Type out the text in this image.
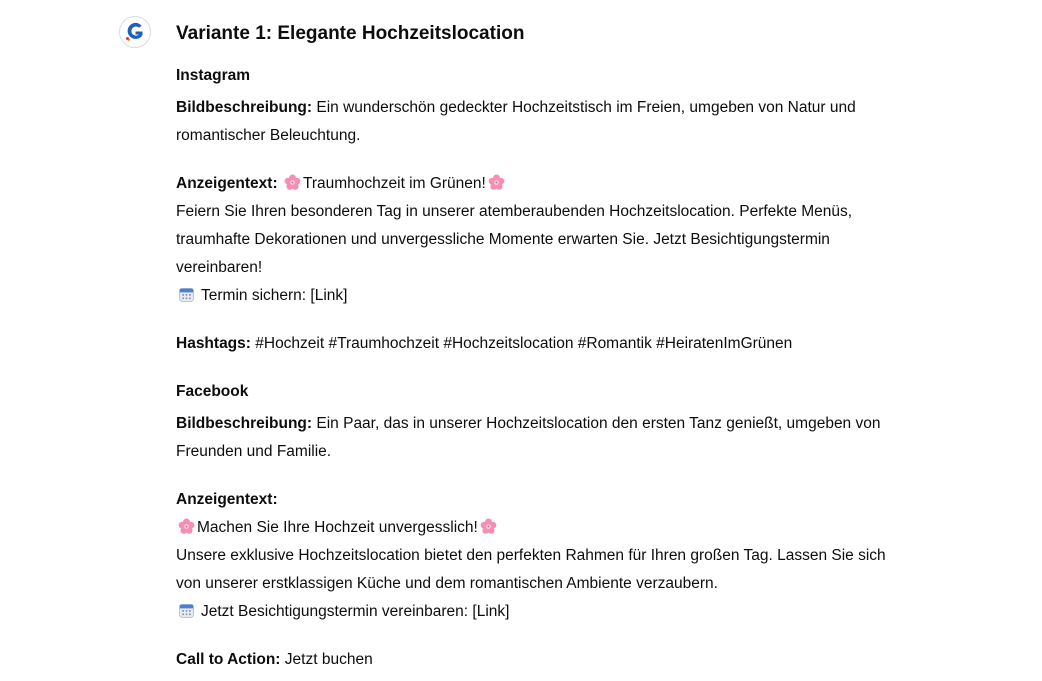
Variante 1: Elegante Hochzeitslocation
Instagram

Bildbeschreibung: Ein wunderschön gedeckter Hochzeitstisch im Freien, umgeben von Natur und romantischer Beleuchtung.

Anzeigentext: Traumhochzeit im Grünen!
Feiern Sie Ihren besonderen Tag in unserer atemberaubenden Hochzeitslocation. Perfekte Menüs, traumhafte Dekorationen und unvergessliche Momente erwarten Sie. Jetzt Besichtigungstermin vereinbaren!
Termin sichern: [Link]

Hashtags: #Hochzeit #Traumhochzeit #Hochzeitslocation #Romantik #HeiratenImGrünen

Facebook

Bildbeschreibung: Ein Paar, das in unserer Hochzeitslocation den ersten Tanz genießt, umgeben von Freunden und Familie.

Anzeigentext:
Machen Sie Ihre Hochzeit unvergesslich!
Unsere exklusive Hochzeitslocation bietet den perfekten Rahmen für Ihren großen Tag. Lassen Sie sich von unserer erstklassigen Küche und dem romantischen Ambiente verzaubern.
Jetzt Besichtigungstermin vereinbaren: [Link]

Call to Action: Jetzt buchen
